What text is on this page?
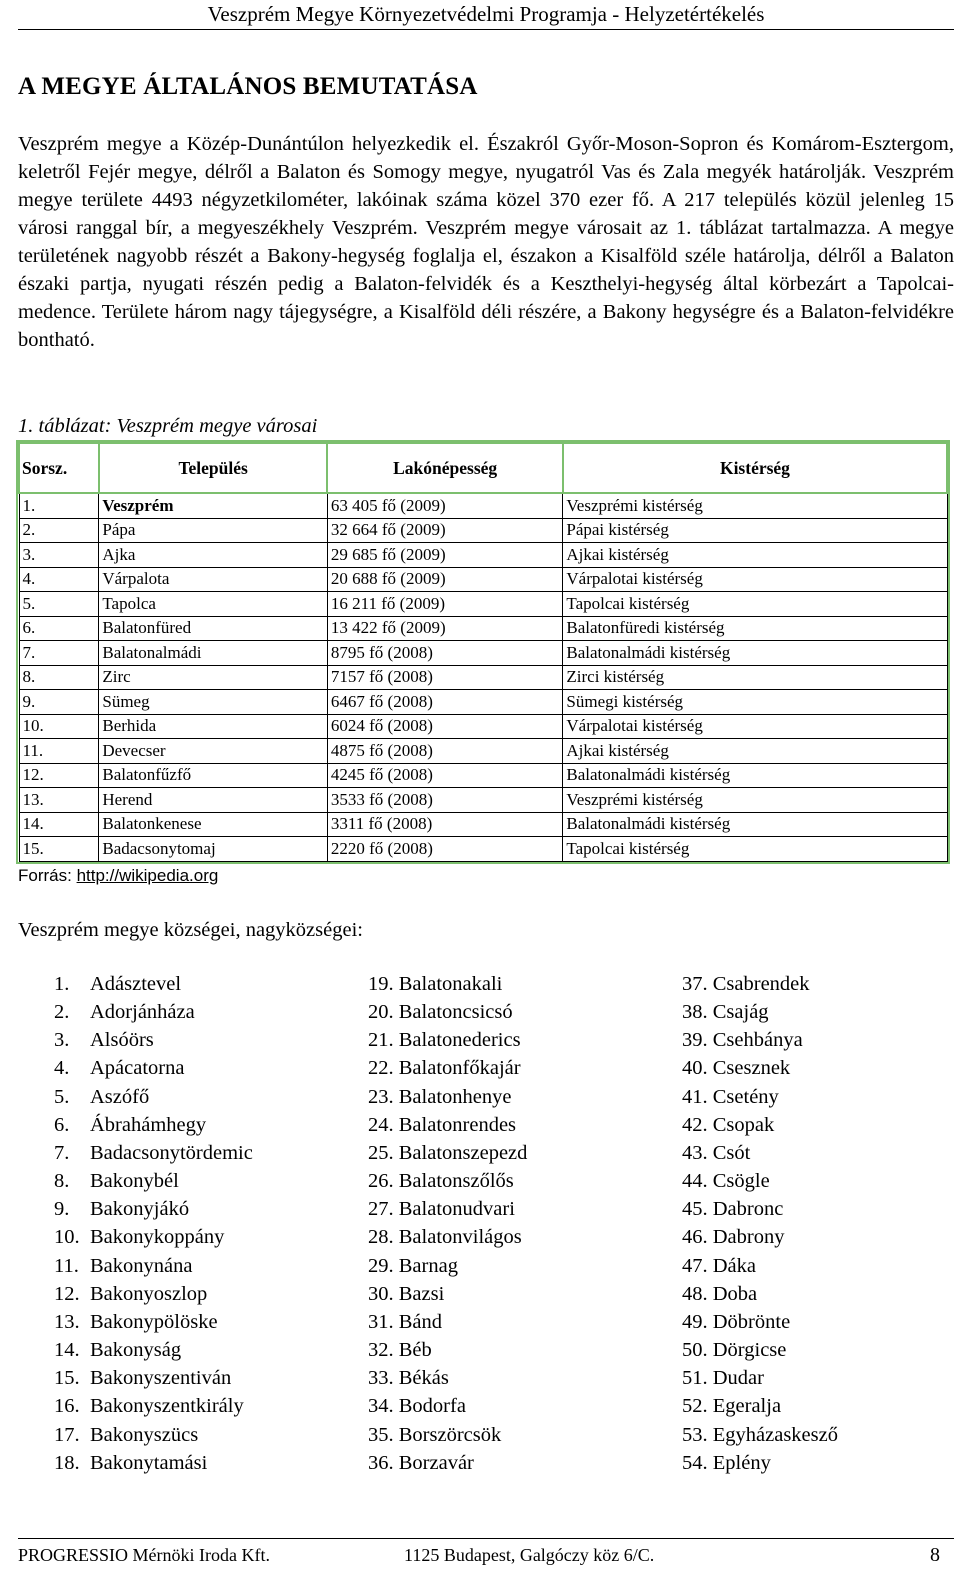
Veszprém Megye Környezetvédelmi Programja - Helyzetértékelés
A MEGYE ÁLTALÁNOS BEMUTATÁSA

Veszprém megye a Közép-Dunántúlon helyezkedik el. Északról Győr-Moson-Sopron és Komárom-Esztergom, keletről Fejér megye, délről a Balaton és Somogy megye, nyugatról Vas és Zala megyék határolják. Veszprém megye területe 4493 négyzetkilométer, lakóinak száma közel 370 ezer fő. A 217 település közül jelenleg 15 városi ranggal bír, a megyeszékhely Veszprém. Veszprém megye városait az 1. táblázat tartalmazza. A megye területének nagyobb részét a Bakony-hegység foglalja el, északon a Kisalföld széle határolja, délről a Balaton északi partja, nyugati részén pedig a Balaton-felvidék és a Keszthelyi-hegység által körbezárt a Tapolcai-medence. Területe három nagy tájegységre, a Kisalföld déli részére, a Bakony hegységre és a Balaton-felvidékre bontható.

1. táblázat: Veszprém megye városai
Sorsz.	Település	Lakónépesség	Kistérség
1.	Veszprém	63 405 fő (2009)	Veszprémi kistérség
2.	Pápa	32 664 fő (2009)	Pápai kistérség
3.	Ajka	29 685 fő (2009)	Ajkai kistérség
4.	Várpalota	20 688 fő (2009)	Várpalotai kistérség
5.	Tapolca	16 211 fő (2009)	Tapolcai kistérség
6.	Balatonfüred	13 422 fő (2009)	Balatonfüredi kistérség
7.	Balatonalmádi	8795 fő (2008)	Balatonalmádi kistérség
8.	Zirc	7157 fő (2008)	Zirci kistérség
9.	Sümeg	6467 fő (2008)	Sümegi kistérség
10.	Berhida	6024 fő (2008)	Várpalotai kistérség
11.	Devecser	4875 fő (2008)	Ajkai kistérség
12.	Balatonfűzfő	4245 fő (2008)	Balatonalmádi kistérség
13.	Herend	3533 fő (2008)	Veszprémi kistérség
14.	Balatonkenese	3311 fő (2008)	Balatonalmádi kistérség
15.	Badacsonytomaj	2220 fő (2008)	Tapolcai kistérség
Forrás: http://wikipedia.org
Veszprém megye községei, nagyközségei:
1. Adásztevel
2. Adorjánháza
3. Alsóörs
4. Apácatorna
5. Aszófő
6. Ábrahámhegy
7. Badacsonytördemic
8. Bakonybél
9. Bakonyjákó
10. Bakonykoppány
11. Bakonynána
12. Bakonyoszlop
13. Bakonypölöske
14. Bakonyság
15. Bakonyszentiván
16. Bakonyszentkirály
17. Bakonyszücs
18. Bakonytamási
19. Balatonakali
20. Balatoncsicsó
21. Balatonederics
22. Balatonfőkajár
23. Balatonhenye
24. Balatonrendes
25. Balatonszepezd
26. Balatonszőlős
27. Balatonudvari
28. Balatonvilágos
29. Barnag
30. Bazsi
31. Bánd
32. Béb
33. Békás
34. Bodorfa
35. Borszörcsök
36. Borzavár
37. Csabrendek
38. Csajág
39. Csehbánya
40. Csesznek
41. Csetény
42. Csopak
43. Csót
44. Csögle
45. Dabronc
46. Dabrony
47. Dáka
48. Doba
49. Döbrönte
50. Dörgicse
51. Dudar
52. Egeralja
53. Egyházaskesző
54. Eplény
PROGRESSIO Mérnöki Iroda Kft.	1125 Budapest, Galgóczy köz 6/C.	8
